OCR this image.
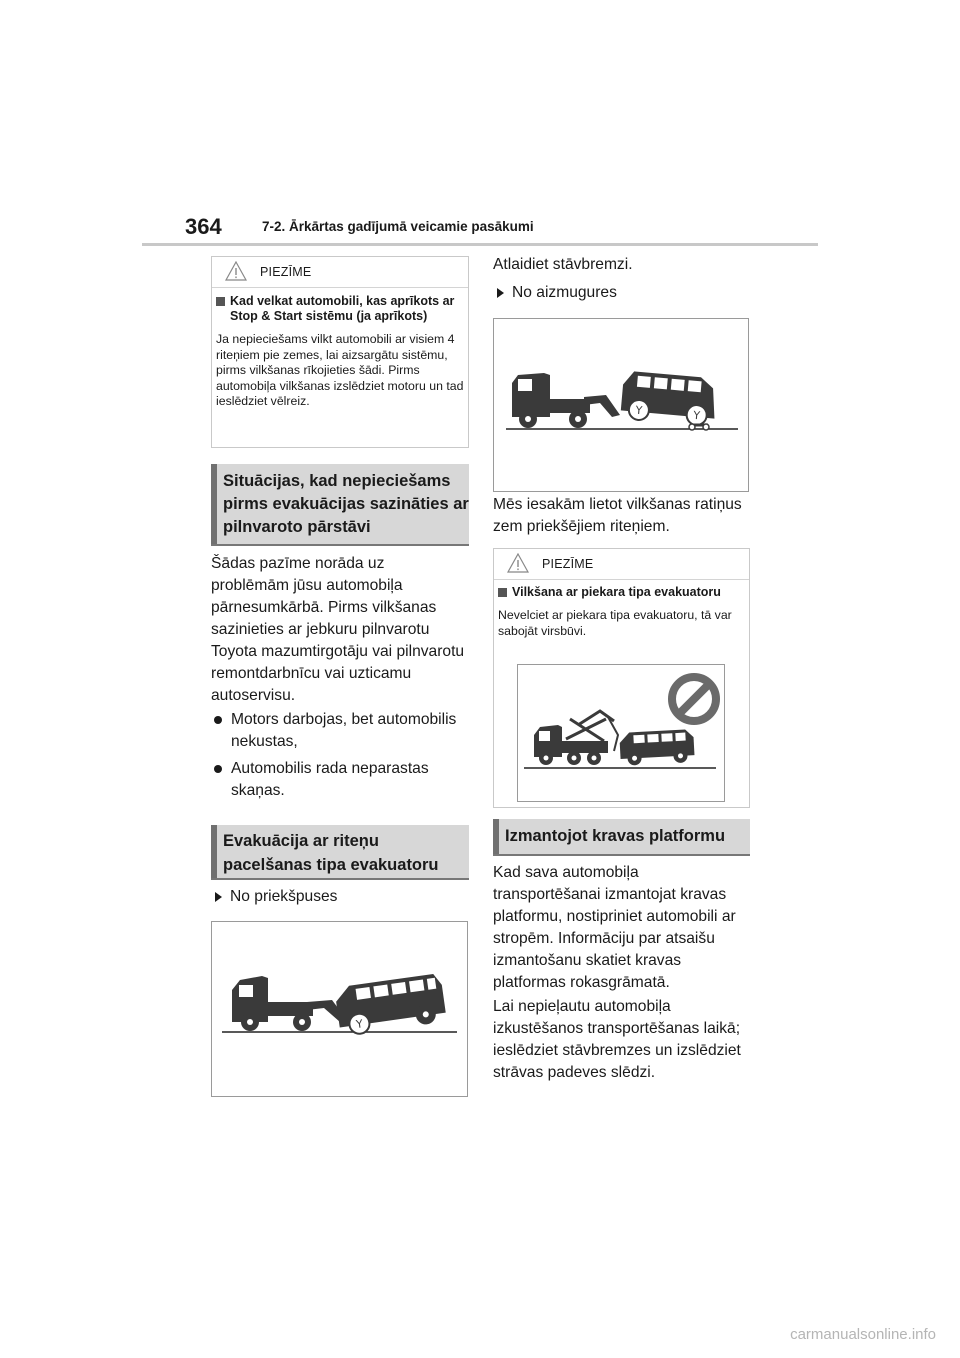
364	7-2. Ārkārtas gadījumā veicamie pasākumi
PIEZĪME
Kad velkat automobili, kas aprīkots ar Stop & Start sistēmu (ja aprīkots)
Ja nepieciešams vilkt automobili ar visiem 4 riteņiem pie zemes, lai aizsargātu sistēmu, pirms vilkšanas rīkojieties šādi. Pirms automobiļa vilkšanas izslēdziet motoru un tad ieslēdziet vēlreiz.
Situācijas, kad nepieciešams
pirms evakuācijas sazināties ar
pilnvaroto pārstāvi
Šādas pazīme norāda uz problēmām jūsu automobiļa pārnesumkārbā. Pirms vilkšanas sazinieties ar jebkuru pilnvarotu Toyota mazumtirgotāju vai pilnvarotu remontdarbnīcu vai uzticamu autoservisu.
Motors darbojas, bet automobilis nekustas,
Automobilis rada neparastas skaņas.
Evakuācija ar riteņu
pacelšanas tipa evakuatoru
No priekšpuses
Y
Atlaidiet stāvbremzi.
No aizmugures
Y	Y
Mēs iesakām lietot vilkšanas ratiņus zem priekšējiem riteņiem.
PIEZĪME
Vilkšana ar piekara tipa evakuatoru
Nevelciet ar piekara tipa evakuatoru, tā var sabojāt virsbūvi.
Izmantojot kravas platformu
Kad sava automobiļa transportēšanai izmantojat kravas platformu, nostipriniet automobili ar stropēm. Informāciju par atsaišu izmantošanu skatiet kravas platformas rokasgrāmatā.
Lai nepieļautu automobiļa izkustēšanos transportēšanas laikā; ieslēdziet stāvbremzes un izslēdziet strāvas padeves slēdzi.
carmanualsonline.info
